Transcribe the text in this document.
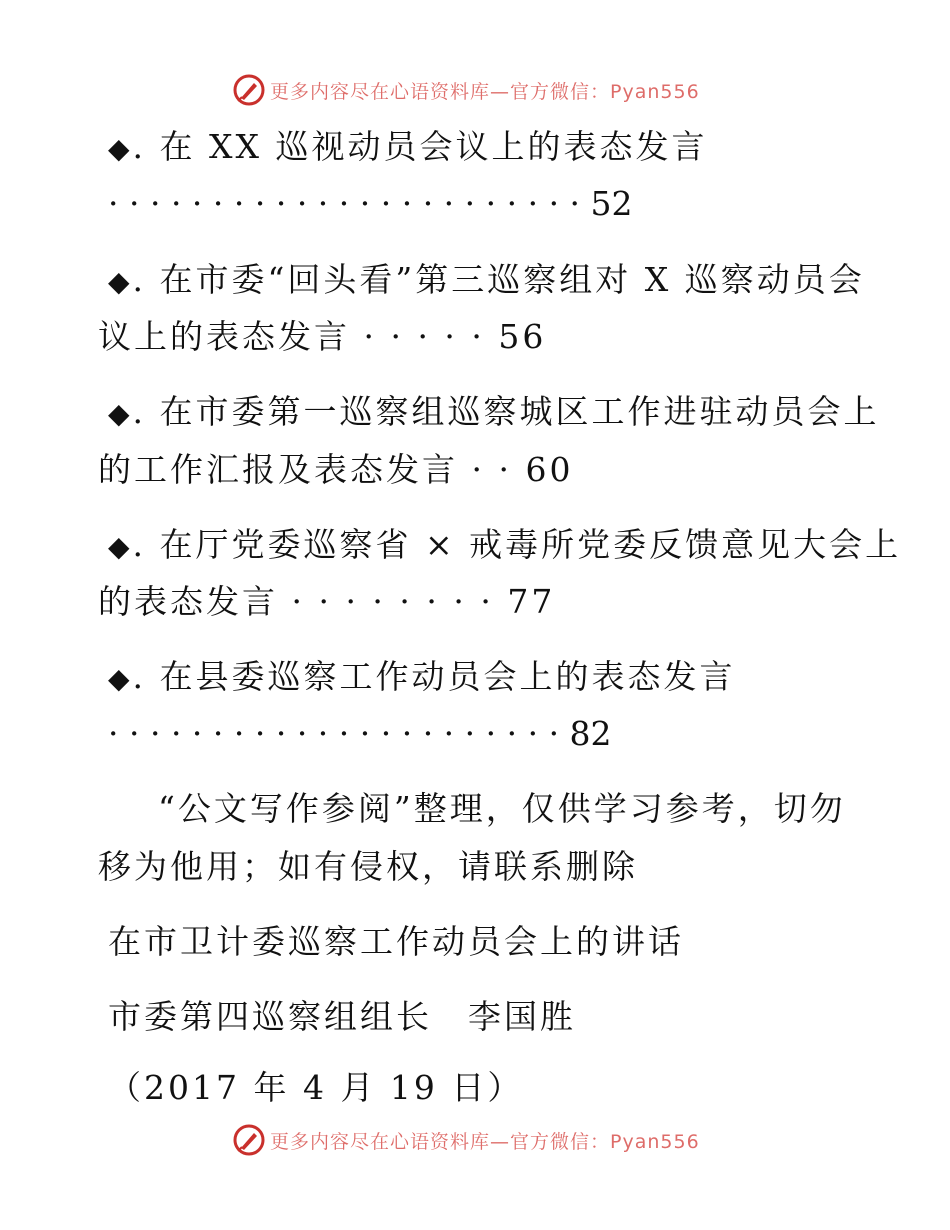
更多内容尽在心语资料库—官方微信：Pyan556
◆. 在 XX 巡视动员会议上的表态发言
· · · · · · · · · · · · · · · · · · · · · · · 52
◆. 在市委“回头看”第三巡察组对 X 巡察动员会
议上的表态发言 · · · · · 56
◆. 在市委第一巡察组巡察城区工作进驻动员会上
的工作汇报及表态发言 · · 60
◆. 在厅党委巡察省 × 戒毒所党委反馈意见大会上
的表态发言 · · · · · · · · 77
◆. 在县委巡察工作动员会上的表态发言
· · · · · · · · · · · · · · · · · · · · · · 82
“公文写作参阅”整理，仅供学习参考，切勿
移为他用；如有侵权，请联系删除
在市卫计委巡察工作动员会上的讲话
市委第四巡察组组长　李国胜
（2017 年 4 月 19 日）
更多内容尽在心语资料库—官方微信：Pyan556
